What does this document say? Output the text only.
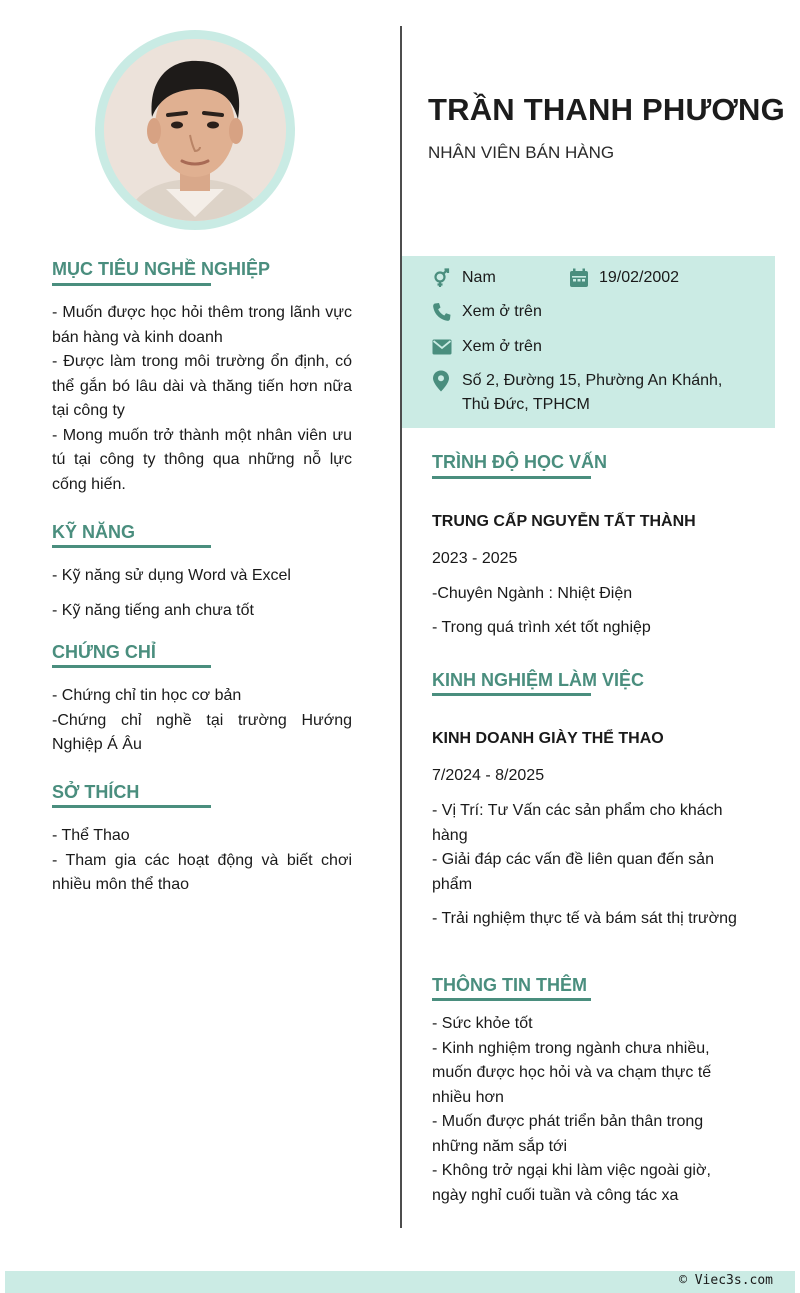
TRẦN THANH PHƯƠNG
NHÂN VIÊN BÁN HÀNG
Nam	19/02/2002
Xem ở trên
Xem ở trên
Số 2, Đường 15, Phường An Khánh,
Thủ Đức, TPHCM
MỤC TIÊU NGHỀ NGHIỆP
- Muốn được học hỏi thêm trong lãnh vực bán hàng và kinh doanh
- Được làm trong môi trường ổn định, có thể gắn bó lâu dài và thăng tiến hơn nữa tại công ty
- Mong muốn trở thành một nhân viên ưu tú tại công ty thông qua những nỗ lực cống hiến.
KỸ NĂNG
- Kỹ năng sử dụng Word và Excel
- Kỹ năng tiếng anh chưa tốt
CHỨNG CHỈ
- Chứng chỉ tin học cơ bản
-Chứng chỉ nghề tại trường Hướng Nghiệp Á Âu
SỞ THÍCH
- Thể Thao
- Tham gia các hoạt động và biết chơi nhiều môn thể thao
TRÌNH ĐỘ HỌC VẤN
TRUNG CẤP NGUYỄN TẤT THÀNH
2023 - 2025
-Chuyên Ngành : Nhiệt Điện
- Trong quá trình xét tốt nghiệp
KINH NGHIỆM LÀM VIỆC
KINH DOANH GIÀY THỂ THAO
7/2024 - 8/2025
- Vị Trí: Tư Vấn các sản phẩm cho khách hàng
- Giải đáp các vấn đề liên quan đến sản phẩm
- Trải nghiệm thực tế và bám sát thị trường
THÔNG TIN THÊM
- Sức khỏe tốt
- Kinh nghiệm trong ngành chưa nhiều, muốn được học hỏi và va chạm thực tế nhiều hơn
- Muốn được phát triển bản thân trong những năm sắp tới
- Không trở ngại khi làm việc ngoài giờ, ngày nghỉ cuối tuần và công tác xa
© Viec3s.com
